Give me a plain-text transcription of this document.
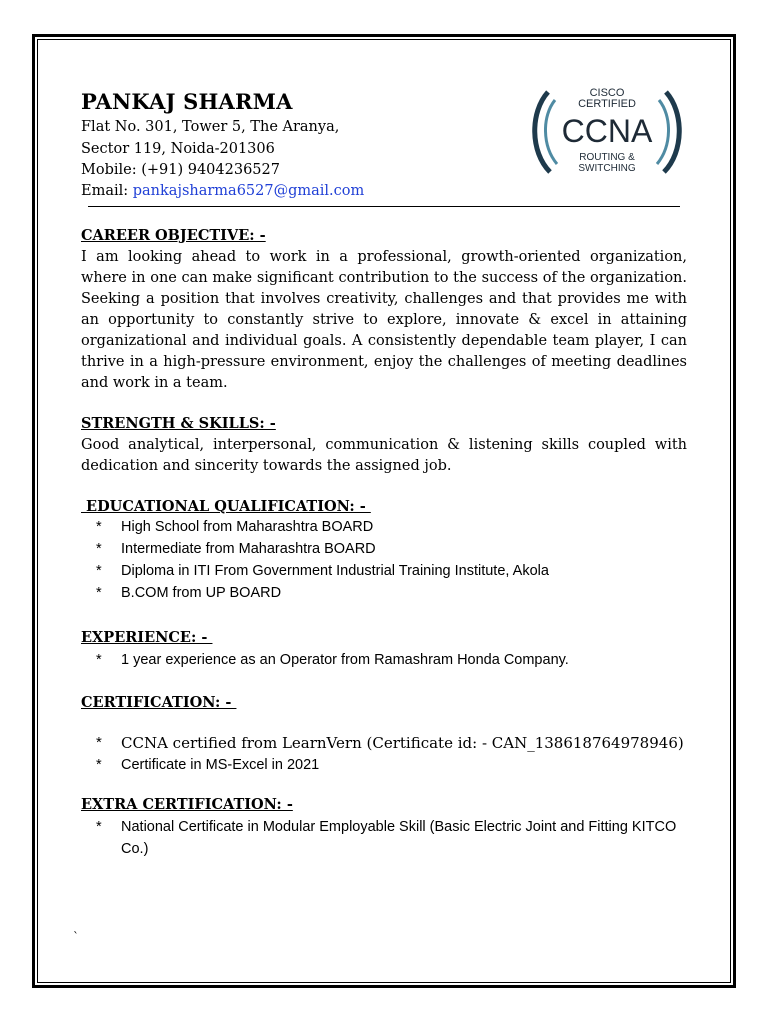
PANKAJ SHARMA
Flat No. 301, Tower 5, The Aranya,
Sector 119, Noida-201306
Mobile: (+91) 9404236527
Email: pankajsharma6527@gmail.com
CISCO
CERTIFIED
CCNA
ROUTING &
SWITCHING
CAREER OBJECTIVE: -
I am looking ahead to work in a professional, growth-oriented organization, where in one can make significant contribution to the success of the organization. Seeking a position that involves creativity, challenges and that provides me with an opportunity to constantly strive to explore, innovate & excel in attaining organizational and individual goals. A consistently dependable team player, I can thrive in a high-pressure environment, enjoy the challenges of meeting deadlines and work in a team.
STRENGTH & SKILLS: -
Good analytical, interpersonal, communication & listening skills coupled with dedication and sincerity towards the assigned job.
EDUCATIONAL QUALIFICATION: -
* High School from Maharashtra BOARD
* Intermediate from Maharashtra BOARD
* Diploma in ITI From Government Industrial Training Institute, Akola
* B.COM from UP BOARD
EXPERIENCE: -
* 1 year experience as an Operator from Ramashram Honda Company.
CERTIFICATION: -
* CCNA certified from LearnVern (Certificate id: - CAN_138618764978946)
* Certificate in MS-Excel in 2021
EXTRA CERTIFICATION: -
* National Certificate in Modular Employable Skill (Basic Electric Joint and Fitting KITCO Co.)
`
